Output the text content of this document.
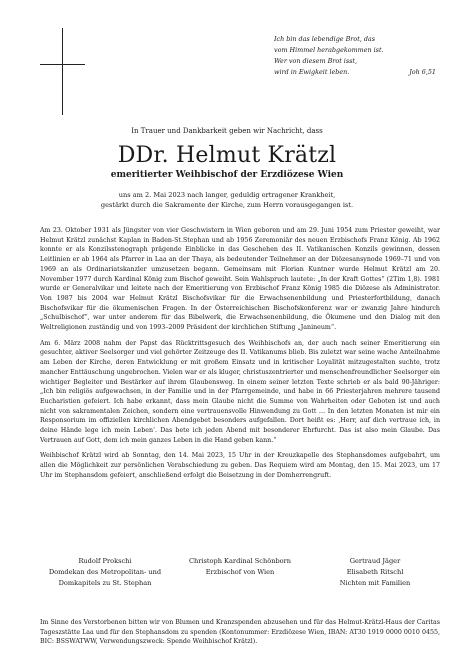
Ich bin das lebendige Brot, das
vom Himmel herabgekommen ist.
Wer von diesem Brot isst,
wird in Ewigkeit leben.	Joh 6,51
In Trauer und Dankbarkeit geben wir Nachricht, dass
DDr. Helmut Krätzl
emeritierter Weihbischof der Erzdiözese Wien
uns am 2. Mai 2023 nach langer, geduldig ertragener Krankheit,
gestärkt durch die Sakramente der Kirche, zum Herrn vorausgegangen ist.

Am 23. Oktober 1931 als Jüngster von vier Geschwistern in Wien geboren und am 29. Juni 1954 zum Priester geweiht, war Helmut Krätzl zunächst Kaplan in Baden-St.Stephan und ab 1956 Zeremoniär des neuen Erzbischofs Franz König. Ab 1962 konnte er als Konzilsstenograph prägende Einblicke in das Geschehen des II. Vatikanischen Konzils gewinnen, dessen Leitlinien er ab 1964 als Pfarrer in Laa an der Thaya, als bedeutender Teilnehmer an der Diözesansynode 1969–71 und von 1969 an als Ordinariatskanzler umzusetzen begann. Gemeinsam mit Florian Kuntner wurde Helmut Krätzl am 20. November 1977 durch Kardinal König zum Bischof geweiht. Sein Wahlspruch lautete: „In der Kraft Gottes“ (2Tim 1,8). 1981 wurde er Generalvikar und leitete nach der Emeritierung von Erzbischof Franz König 1985 die Diözese als Administrator. Von 1987 bis 2004 war Helmut Krätzl Bischofsvikar für die Erwachsenenbildung und Priesterfortbildung, danach Bischofsvikar für die ökumenischen Fragen. In der Österreichischen Bischofskonferenz war er zwanzig Jahre hindurch „Schulbischof“, war unter anderem für das Bibelwerk, die Erwachsenenbildung, die Ökumene und den Dialog mit den Weltreligionen zuständig und von 1993–2009 Präsident der kirchlichen Stiftung „Janineum“.

Am 6. März 2008 nahm der Papst das Rücktrittsgesuch des Weihbischofs an, der auch nach seiner Emeritierung ein gesuchter, aktiver Seelsorger und viel gehörter Zeitzeuge des II. Vatikanums blieb. Bis zuletzt war seine wache Anteilnahme am Leben der Kirche, deren Entwicklung er mit großem Einsatz und in kritischer Loyalität mitzugestalten suchte, trotz mancher Enttäuschung ungebrochen. Vielen war er als kluger, christuszentrierter und menschenfreundlicher Seelsorger ein wichtiger Begleiter und Bestärker auf ihrem Glaubensweg. In einem seiner letzten Texte schrieb er als bald 90-Jähriger: „Ich bin religiös aufgewachsen, in der Familie und in der Pfarrgemeinde, und habe in 66 Priesterjahren mehrere tausend Eucharistien gefeiert. Ich habe erkannt, dass mein Glaube nicht die Summe von Wahrheiten oder Geboten ist und auch nicht von sakramentalen Zeichen, sondern eine vertrauensvolle Hinwendung zu Gott … In den letzten Monaten ist mir ein Responsorium im offiziellen kirchlichen Abendgebet besonders aufgefallen. Dort heißt es: ‚Herr, auf dich vertraue ich, in deine Hände lege ich mein Leben‘. Das bete ich jeden Abend mit besonderer Ehrfurcht. Das ist also mein Glaube. Das Vertrauen auf Gott, dem ich mein ganzes Leben in die Hand geben kann.“

Weihbischof Krätzl wird ab Sonntag, den 14. Mai 2023, 15 Uhr in der Kreuzkapelle des Stephansdomes aufgebahrt, um allen die Möglichkeit zur persönlichen Verabschiedung zu geben. Das Requiem wird am Montag, den 15. Mai 2023, um 17 Uhr im Stephansdom gefeiert, anschließend erfolgt die Beisetzung in der Domherrengruft.

Rudolf Prokschi
Domdekan des Metropolitan- und
Domkapitels zu St. Stephan
Christoph Kardinal Schönborn
Erzbischof von Wien
Gertraud Jäger
Elisabeth Ritschl
Nichten mit Familien
Im Sinne des Verstorbenen bitten wir von Blumen und Kranzspenden abzusehen und für das Helmut-Krätzl-Haus der Caritas Tageszstätte Laa und für den Stephansdom zu spenden (Kontonummer: Erzdiözese Wien, IBAN: AT30 1919 0000 0010 0455, BIC: BSSWATWW, Verwendungszweck: Spende Weihbischof Krätzl).
